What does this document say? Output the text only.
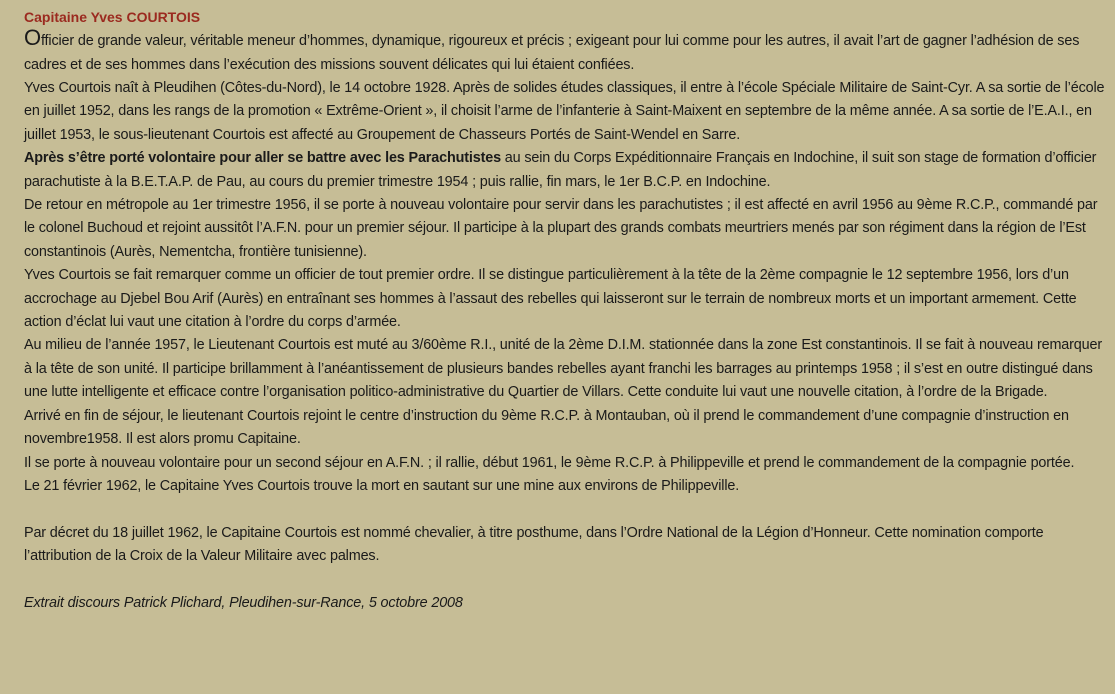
Capitaine Yves COURTOIS

Officier de grande valeur, véritable meneur d’hommes, dynamique, rigoureux et précis ; exigeant pour lui comme pour les autres, il avait l’art de gagner l’adhésion de ses cadres et de ses hommes dans l’exécution des missions souvent délicates qui lui étaient confiées.

Yves Courtois naît à Pleudihen (Côtes-du-Nord), le 14 octobre 1928. Après de solides études classiques, il entre à l’école Spéciale Militaire de Saint-Cyr. A sa sortie de l’école en juillet 1952, dans les rangs de la promotion « Extrême-Orient », il choisit l’arme de l’infanterie à Saint-Maixent en septembre de la même année. A sa sortie de l’E.A.I., en juillet 1953, le sous-lieutenant Courtois est affecté au Groupement de Chasseurs Portés de Saint-Wendel en Sarre.

Après s’être porté volontaire pour aller se battre avec les Parachutistes au sein du Corps Expéditionnaire Français en Indochine, il suit son stage de formation d’officier parachutiste à la B.E.T.A.P. de Pau, au cours du premier trimestre 1954 ; puis rallie, fin mars, le 1er B.C.P. en Indochine.

De retour en métropole au 1er trimestre 1956, il se porte à nouveau volontaire pour servir dans les parachutistes ; il est affecté en avril 1956 au 9ème R.C.P., commandé par le colonel Buchoud et rejoint aussitôt l’A.F.N. pour un premier séjour. Il participe à la plupart des grands combats meurtriers menés par son régiment dans la région de l’Est constantinois (Aurès, Nementcha, frontière tunisienne).

Yves Courtois se fait remarquer comme un officier de tout premier ordre. Il se distingue particulièrement à la tête de la 2ème compagnie le 12 septembre 1956, lors d’un accrochage au Djebel Bou Arif (Aurès) en entraînant ses hommes à l’assaut des rebelles qui laisseront sur le terrain de nombreux morts et un important armement. Cette action d’éclat lui vaut une citation à l’ordre du corps d’armée.

Au milieu de l’année 1957, le Lieutenant Courtois est muté au 3/60ème R.I., unité de la 2ème D.I.M. stationnée dans la zone Est constantinois. Il se fait à nouveau remarquer à la tête de son unité. Il participe brillamment à l’anéantissement de plusieurs bandes rebelles ayant franchi les barrages au printemps 1958 ; il s’est en outre distingué dans une lutte intelligente et efficace contre l’organisation politico-administrative du Quartier de Villars. Cette conduite lui vaut une nouvelle citation, à l’ordre de la Brigade.

Arrivé en fin de séjour, le lieutenant Courtois rejoint le centre d’instruction du 9ème R.C.P. à Montauban, où il prend le commandement d’une compagnie d’instruction en novembre1958. Il est alors promu Capitaine.

Il se porte à nouveau volontaire pour un second séjour en A.F.N. ; il rallie, début 1961, le 9ème R.C.P. à Philippeville et prend le commandement de la compagnie portée.

Le 21 février 1962, le Capitaine Yves Courtois trouve la mort en sautant sur une mine aux environs de Philippeville.

Par décret du 18 juillet 1962, le Capitaine Courtois est nommé chevalier, à titre posthume, dans l’Ordre National de la Légion d’Honneur. Cette nomination comporte l’attribution de la Croix de la Valeur Militaire avec palmes.

Extrait discours Patrick Plichard, Pleudihen-sur-Rance, 5 octobre 2008
